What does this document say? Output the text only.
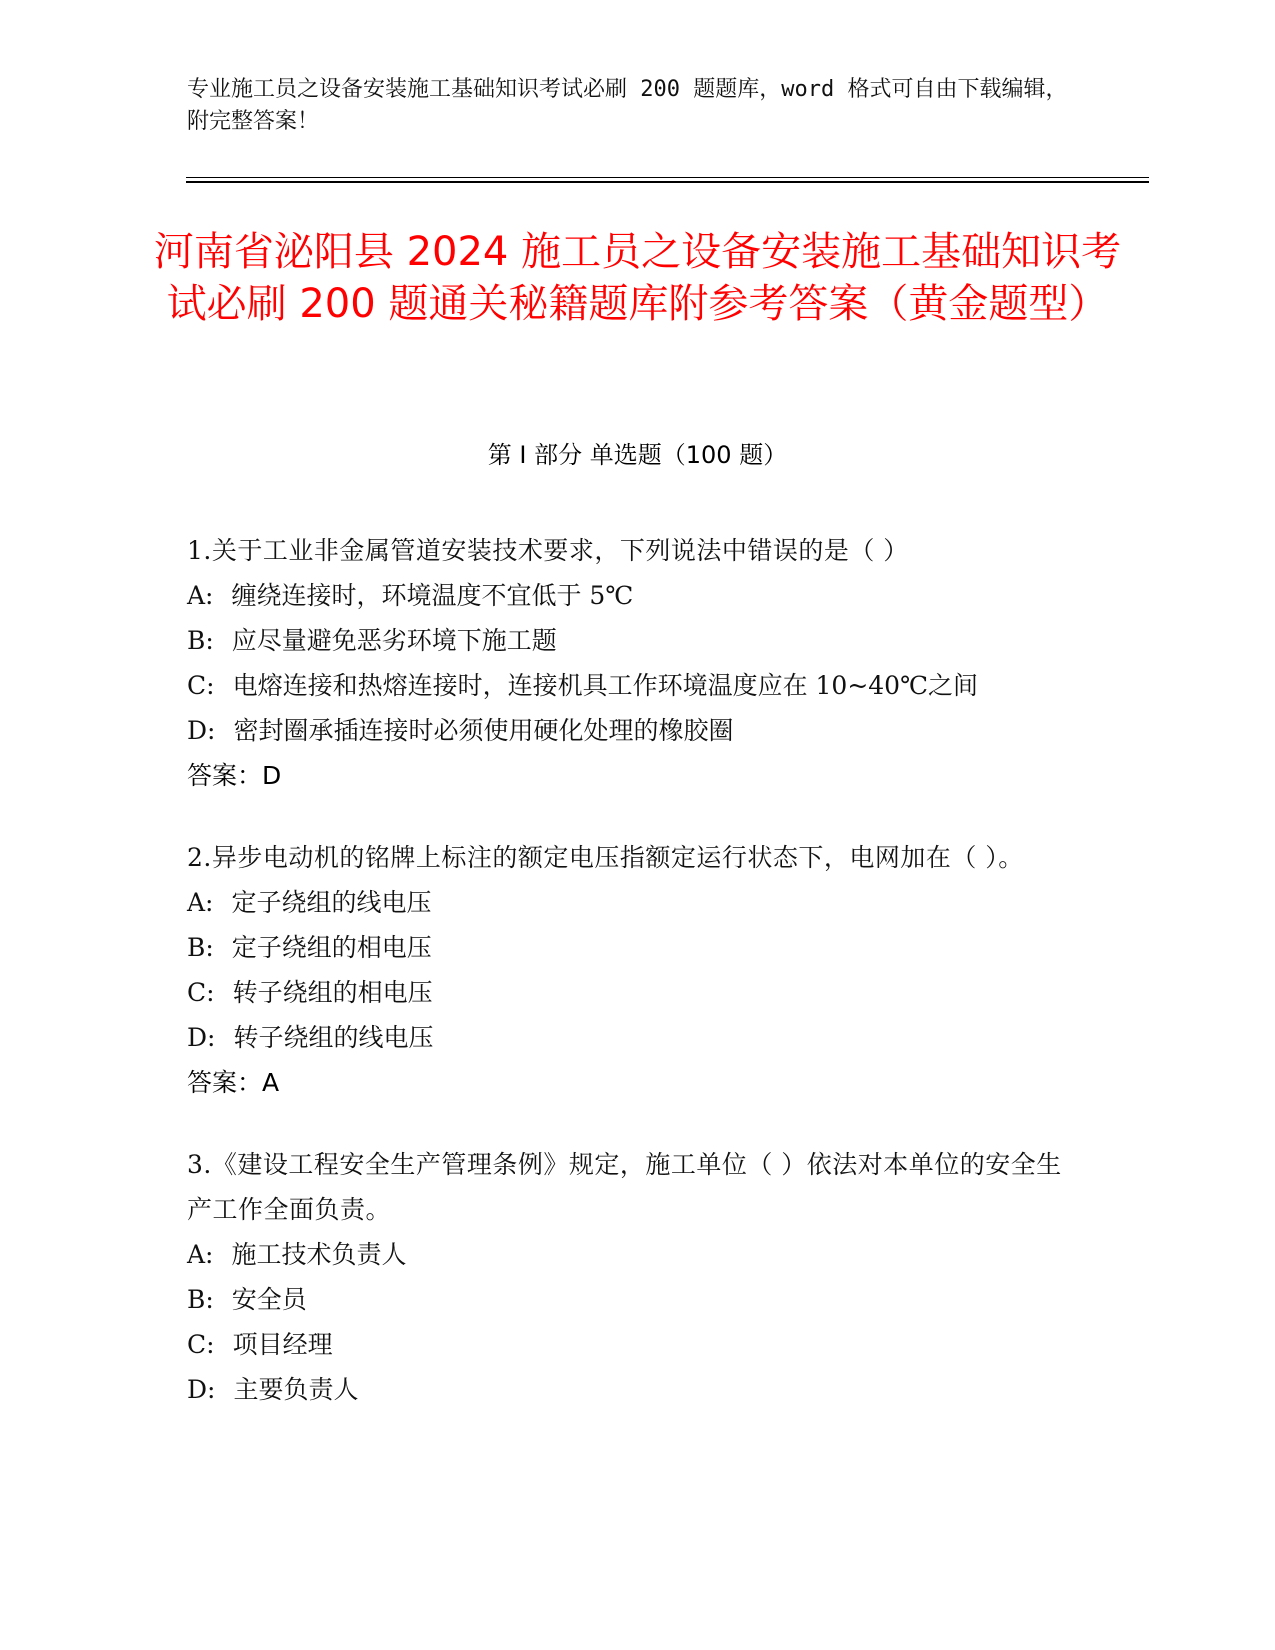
专业施工员之设备安装施工基础知识考试必刷 200 题题库，word 格式可自由下载编辑，附完整答案！
河南省泌阳县 2024 施工员之设备安装施工基础知识考试必刷 200 题通关秘籍题库附参考答案（黄金题型）
第 I 部分 单选题（100 题）
1.关于工业非金属管道安装技术要求，下列说法中错误的是（ ）
A: 缠绕连接时，环境温度不宜低于 5℃
B: 应尽量避免恶劣环境下施工题
C: 电熔连接和热熔连接时，连接机具工作环境温度应在 10~40℃之间
D: 密封圈承插连接时必须使用硬化处理的橡胶圈
答案：D
2.异步电动机的铭牌上标注的额定电压指额定运行状态下，电网加在（ ）。
A: 定子绕组的线电压
B: 定子绕组的相电压
C: 转子绕组的相电压
D: 转子绕组的线电压
答案：A
3.《建设工程安全生产管理条例》规定，施工单位（ ）依法对本单位的安全生产工作全面负责。
A: 施工技术负责人
B: 安全员
C: 项目经理
D: 主要负责人
